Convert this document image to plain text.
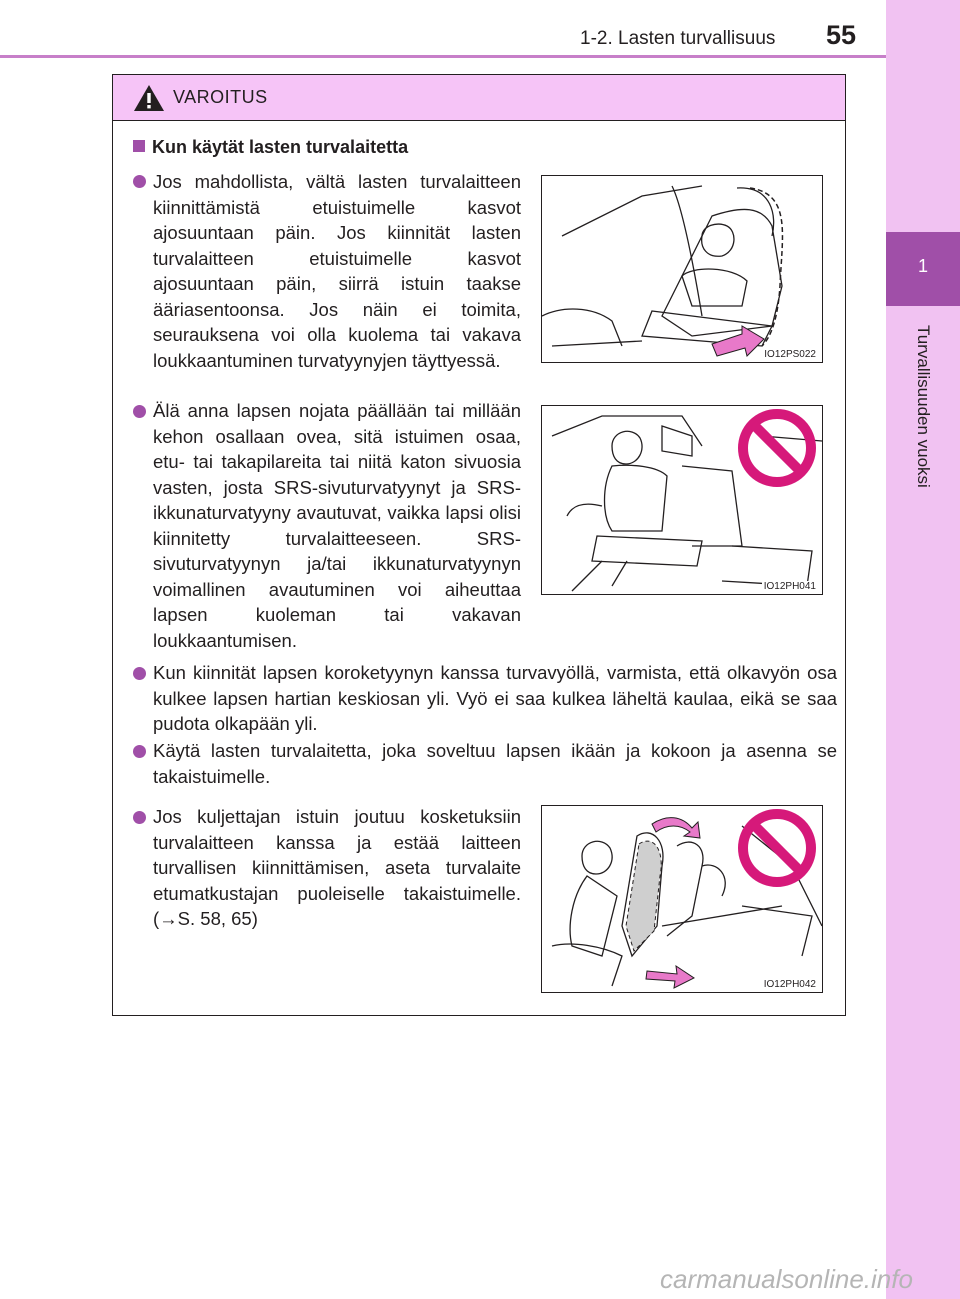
1-2. Lasten turvallisuus 55
1
Turvallisuuden vuoksi
VAROITUS
Kun käytät lasten turvalaitetta
Jos mahdollista, vältä lasten turvalaitteen kiinnittämistä etuistuimelle kasvot ajosuuntaan päin. Jos kiinnität lasten turvalaitteen etuistuimelle kasvot ajosuuntaan päin, siirrä istuin taakse ääriasentoonsa. Jos näin ei toimita, seurauksena voi olla kuolema tai vakava loukkaantuminen turvatyynyjen täyttyessä.	IO12PS022
Älä anna lapsen nojata päällään tai millään kehon osallaan ovea, sitä istuimen osaa, etu- tai takapilareita tai niitä katon sivuosia vasten, josta SRS-sivuturvatyynyt ja SRS-ikkunaturvatyyny avautuvat, vaikka lapsi olisi kiinnitetty turvalaitteeseen. SRS-sivuturvatyynyn ja/tai ikkunaturvatyynyn voimallinen avautuminen voi aiheuttaa lapsen kuoleman tai vakavan loukkaantumisen.
IO12PH041
Kun kiinnität lapsen koroketyynyn kanssa turvavyöllä, varmista, että olkavyön osa kulkee lapsen hartian keskiosan yli. Vyö ei saa kulkea läheltä kaulaa, eikä se saa pudota olkapään yli.
Käytä lasten turvalaitetta, joka soveltuu lapsen ikään ja kokoon ja asenna se takaistuimelle.
Jos kuljettajan istuin joutuu kosketuksiin turvalaitteen kanssa ja estää laitteen turvallisen kiinnittämisen, aseta turvalaite etumatkustajan puoleiselle takaistuimelle. (→S. 58, 65)
IO12PH042
carmanualsonline.info
